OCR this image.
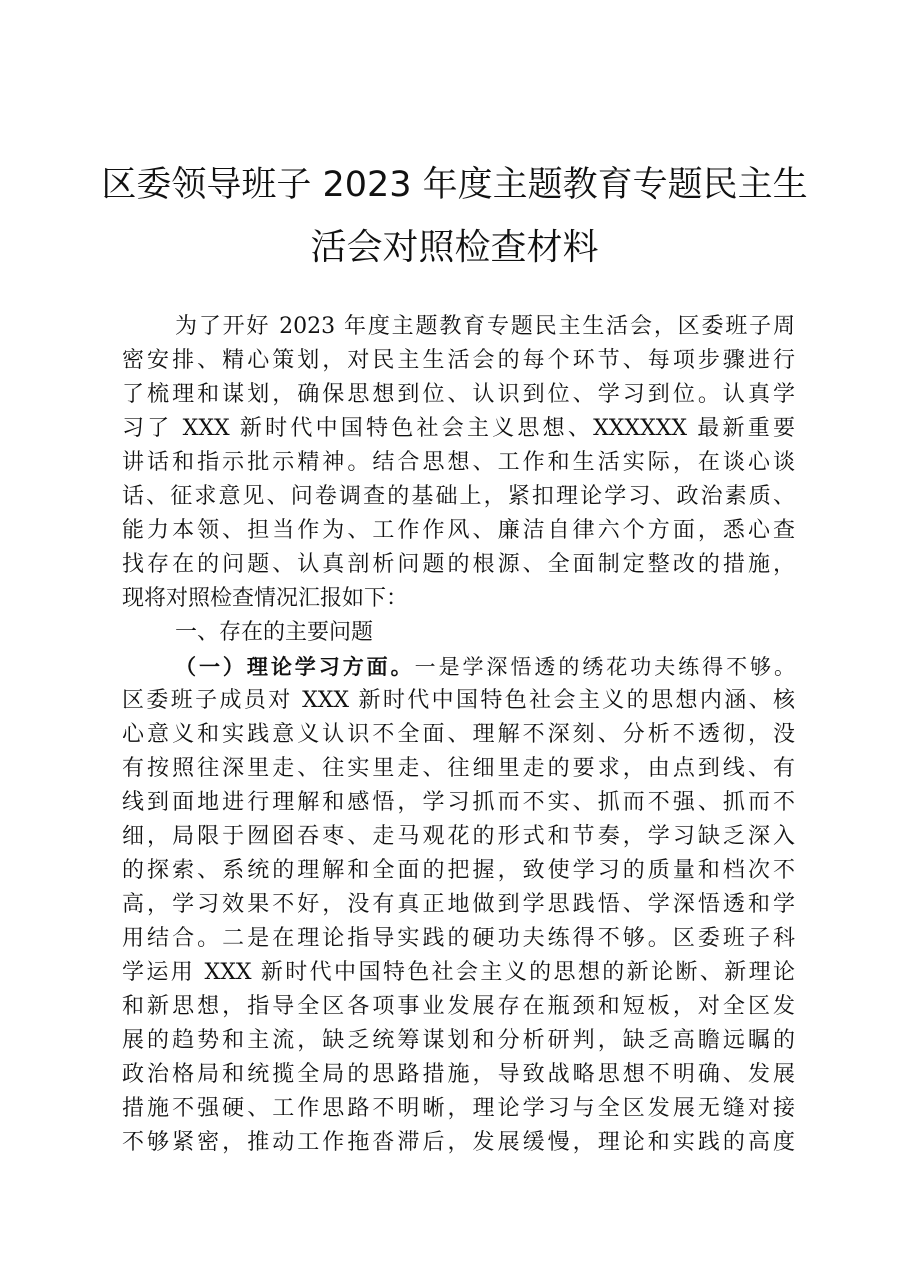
区委领导班子 2023 年度主题教育专题民主生
活会对照检查材料
为了开好 2023 年度主题教育专题民主生活会，区委班子周
密安排、精心策划，对民主生活会的每个环节、每项步骤进行
了梳理和谋划，确保思想到位、认识到位、学习到位。认真学
习了 XXX 新时代中国特色社会主义思想、XXXXXX 最新重要
讲话和指示批示精神。结合思想、工作和生活实际，在谈心谈
话、征求意见、问卷调查的基础上，紧扣理论学习、政治素质、
能力本领、担当作为、工作作风、廉洁自律六个方面，悉心查
找存在的问题、认真剖析问题的根源、全面制定整改的措施，
现将对照检查情况汇报如下：
一、存在的主要问题
（一）理论学习方面。一是学深悟透的绣花功夫练得不够。
区委班子成员对 XXX 新时代中国特色社会主义的思想内涵、核
心意义和实践意义认识不全面、理解不深刻、分析不透彻，没
有按照往深里走、往实里走、往细里走的要求，由点到线、有
线到面地进行理解和感悟，学习抓而不实、抓而不强、抓而不
细，局限于囫囵吞枣、走马观花的形式和节奏，学习缺乏深入
的探索、系统的理解和全面的把握，致使学习的质量和档次不
高，学习效果不好，没有真正地做到学思践悟、学深悟透和学
用结合。二是在理论指导实践的硬功夫练得不够。区委班子科
学运用 XXX 新时代中国特色社会主义的思想的新论断、新理论
和新思想，指导全区各项事业发展存在瓶颈和短板，对全区发
展的趋势和主流，缺乏统筹谋划和分析研判，缺乏高瞻远瞩的
政治格局和统揽全局的思路措施，导致战略思想不明确、发展
措施不强硬、工作思路不明晰，理论学习与全区发展无缝对接
不够紧密，推动工作拖沓滞后，发展缓慢，理论和实践的高度
